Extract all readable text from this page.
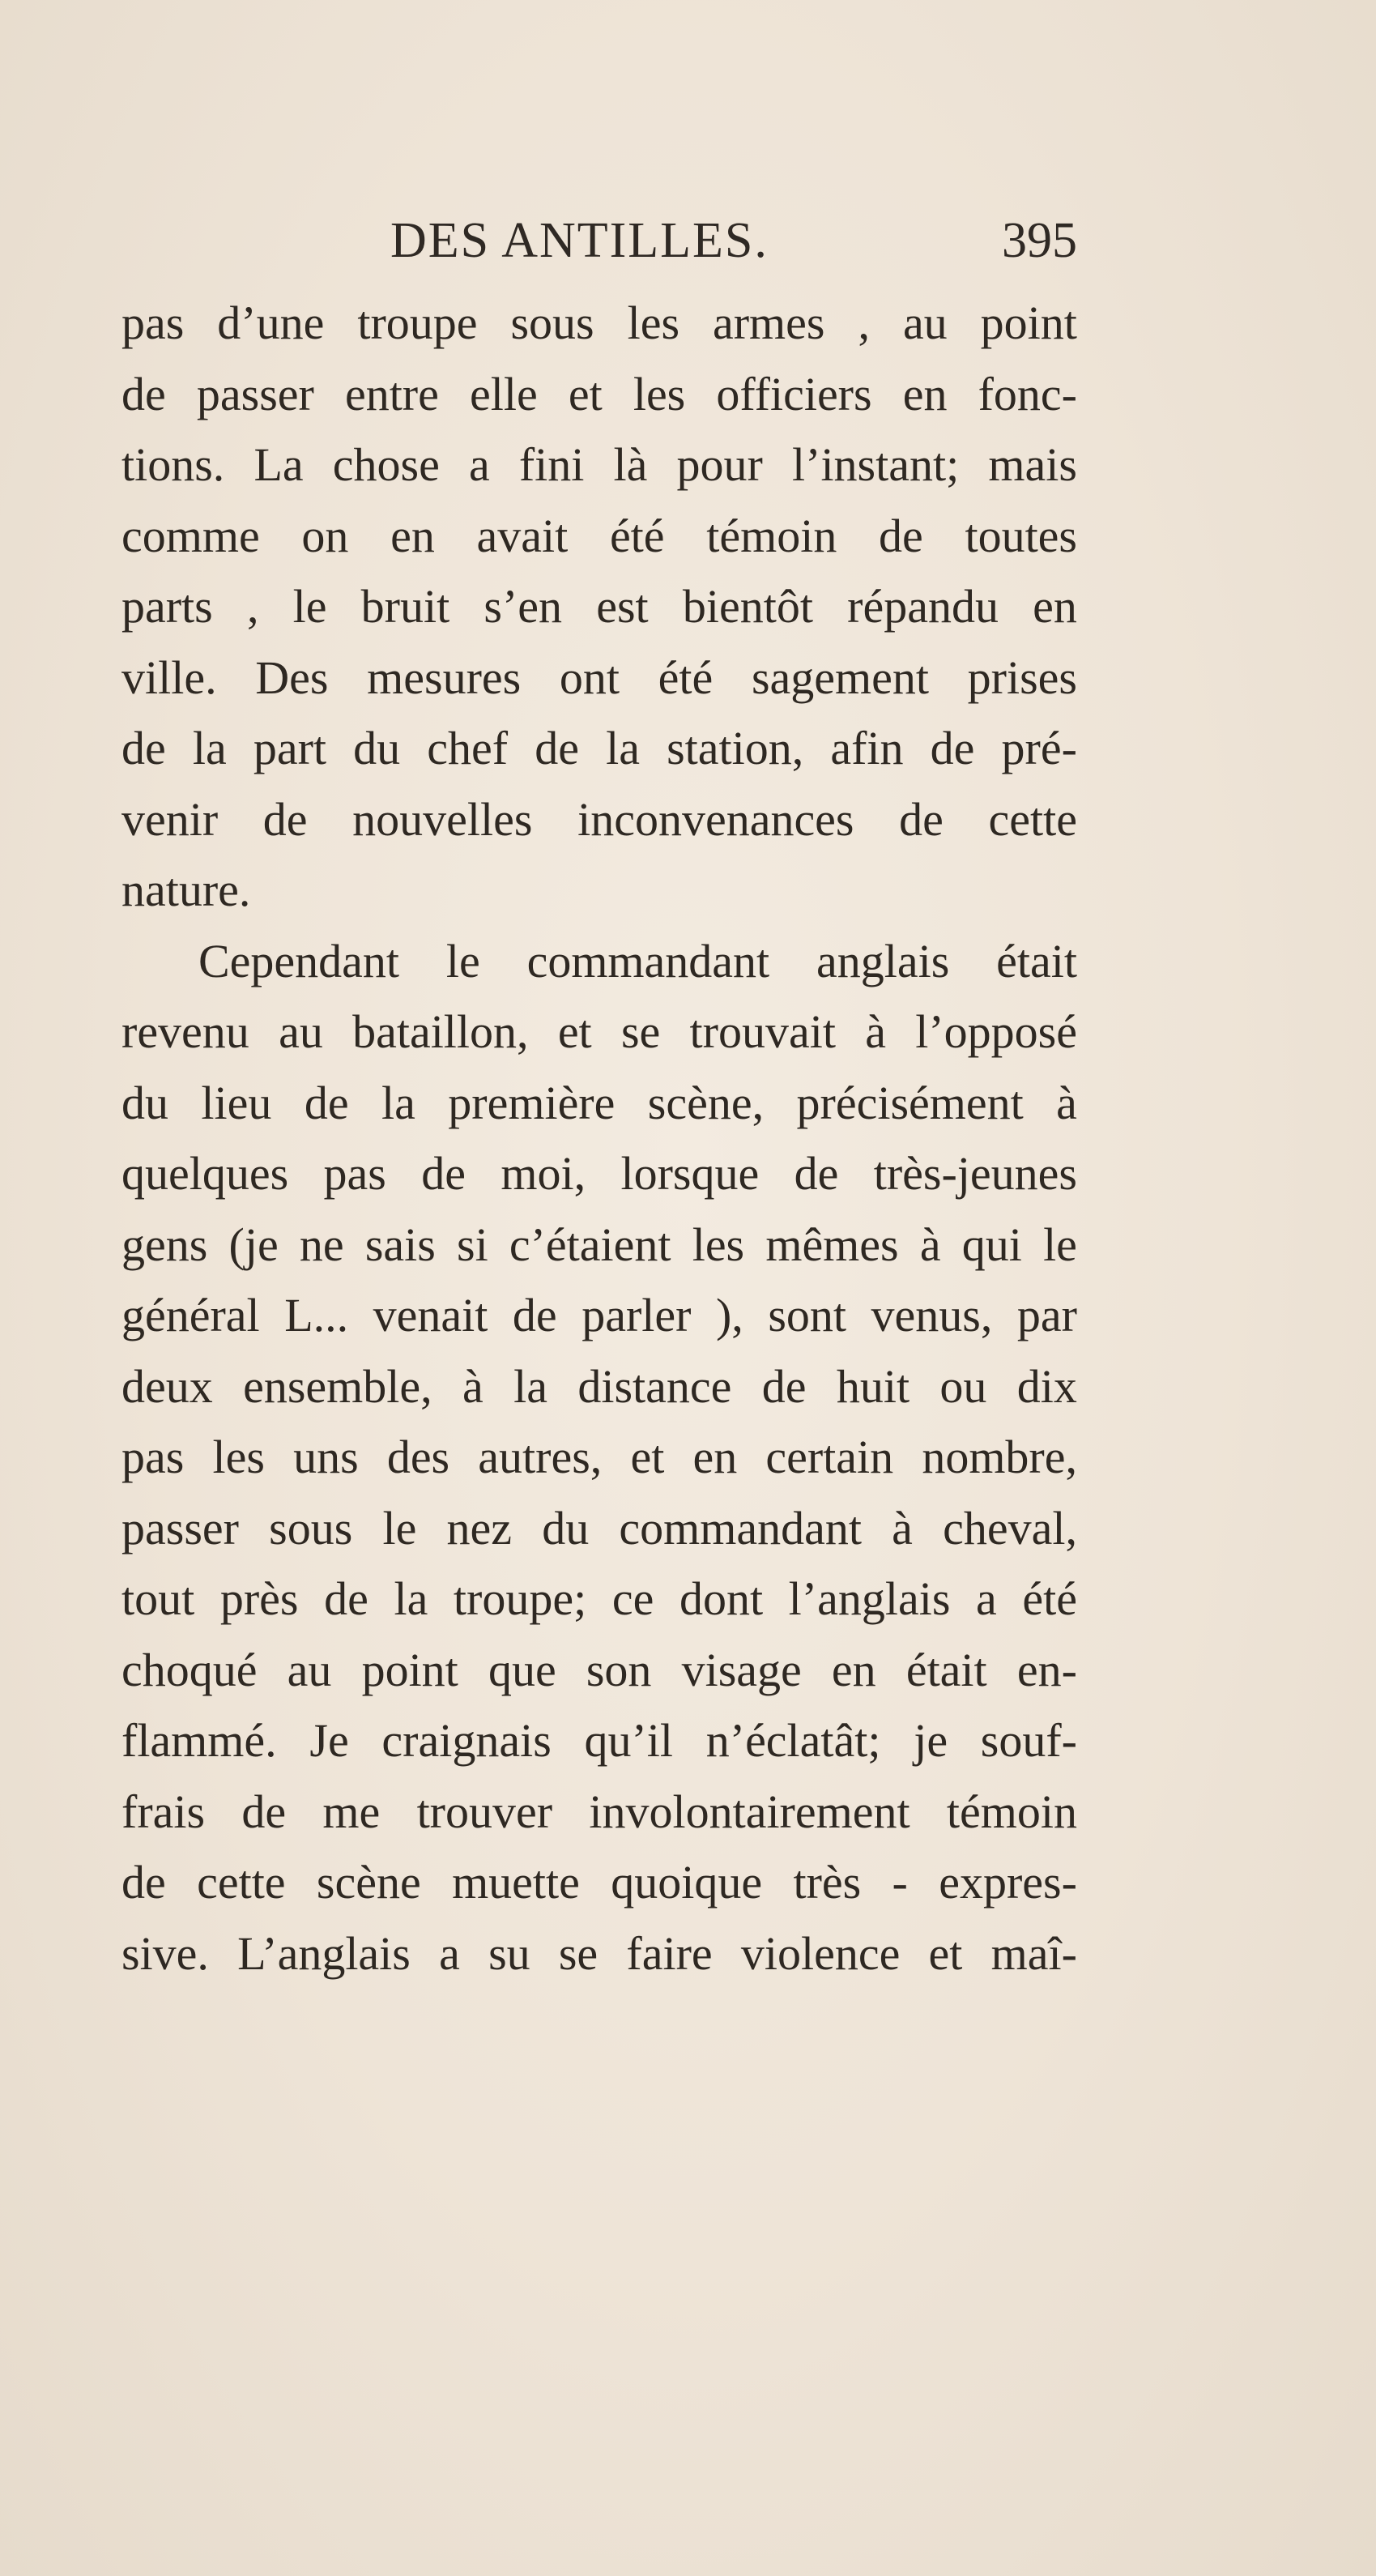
DES ANTILLES.	395
pas d’une troupe sous les armes , au point
de passer entre elle et les officiers en fonc-
tions. La chose a fini là pour l’instant; mais
comme on en avait été témoin de toutes
parts , le bruit s’en est bientôt répandu en
ville. Des mesures ont été sagement prises
de la part du chef de la station, afin de pré-
venir de nouvelles inconvenances de cette
nature.
Cependant le commandant anglais était
revenu au bataillon, et se trouvait à l’opposé
du lieu de la première scène, précisément à
quelques pas de moi, lorsque de très-jeunes
gens (je ne sais si c’étaient les mêmes à qui le
général L... venait de parler ), sont venus, par
deux ensemble, à la distance de huit ou dix
pas les uns des autres, et en certain nombre,
passer sous le nez du commandant à cheval,
tout près de la troupe; ce dont l’anglais a été
choqué au point que son visage en était en-
flammé. Je craignais qu’il n’éclatât; je souf-
frais de me trouver involontairement témoin
de cette scène muette quoique très - expres-
sive. L’anglais a su se faire violence et maî-
